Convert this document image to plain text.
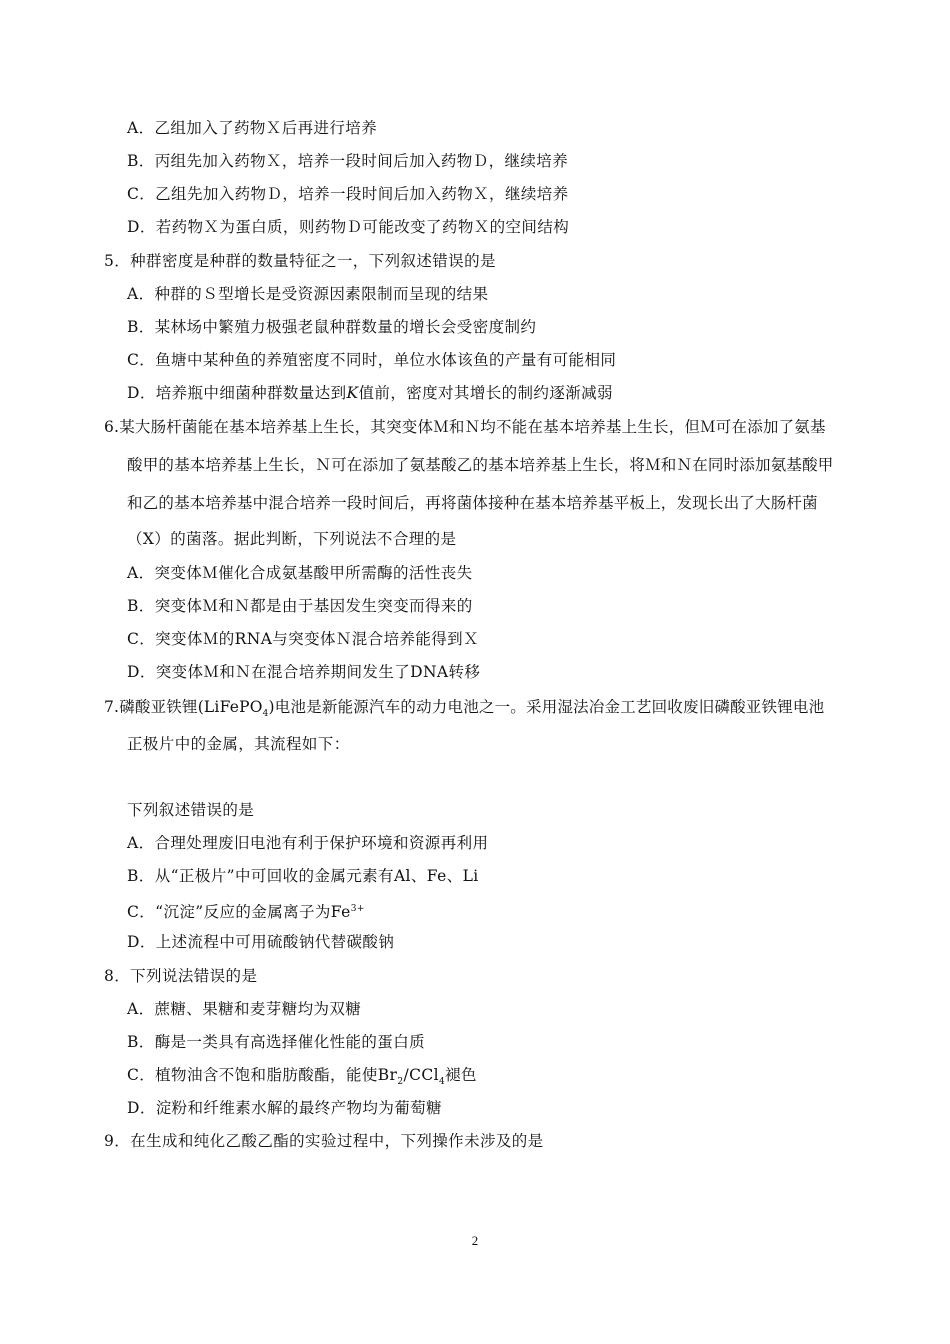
A．乙组加入了药物Ｘ后再进行培养
B．丙组先加入药物Ｘ，培养一段时间后加入药物Ｄ，继续培养
C．乙组先加入药物Ｄ，培养一段时间后加入药物Ｘ，继续培养
D．若药物Ｘ为蛋白质，则药物Ｄ可能改变了药物Ｘ的空间结构
5．种群密度是种群的数量特征之一，下列叙述错误的是
A．种群的Ｓ型增长是受资源因素限制而呈现的结果
B．某林场中繁殖力极强老鼠种群数量的增长会受密度制约
C．鱼塘中某种鱼的养殖密度不同时，单位水体该鱼的产量有可能相同
D．培养瓶中细菌种群数量达到K值前，密度对其增长的制约逐渐减弱
6.某大肠杆菌能在基本培养基上生长，其突变体Ｍ和Ｎ均不能在基本培养基上生长，但Ｍ可在添加了氨基
酸甲的基本培养基上生长，Ｎ可在添加了氨基酸乙的基本培养基上生长，将Ｍ和Ｎ在同时添加氨基酸甲
和乙的基本培养基中混合培养一段时间后，再将菌体接种在基本培养基平板上，发现长出了大肠杆菌
（X）的菌落。据此判断，下列说法不合理的是
A．突变体Ｍ催化合成氨基酸甲所需酶的活性丧失
B．突变体Ｍ和Ｎ都是由于基因发生突变而得来的
C．突变体Ｍ的RNA与突变体Ｎ混合培养能得到Ｘ
D．突变体Ｍ和Ｎ在混合培养期间发生了DNA转移
7.磷酸亚铁锂(LiFePO$_4$)电池是新能源汽车的动力电池之一。采用湿法冶金工艺回收废旧磷酸亚铁锂电池
正极片中的金属，其流程如下：
下列叙述错误的是
A．合理处理废旧电池有利于保护环境和资源再利用
B．从“正极片”中可回收的金属元素有Al、Fe、Li
C．“沉淀”反应的金属离子为$Fe^{3+}$
D．上述流程中可用硫酸钠代替碳酸钠
8．下列说法错误的是
A．蔗糖、果糖和麦芽糖均为双糖
B．酶是一类具有高选择催化性能的蛋白质
C．植物油含不饱和脂肪酸酯，能使$Br_2/CCl_4$褪色
D．淀粉和纤维素水解的最终产物均为葡萄糖
9．在生成和纯化乙酸乙酯的实验过程中，下列操作未涉及的是
2
